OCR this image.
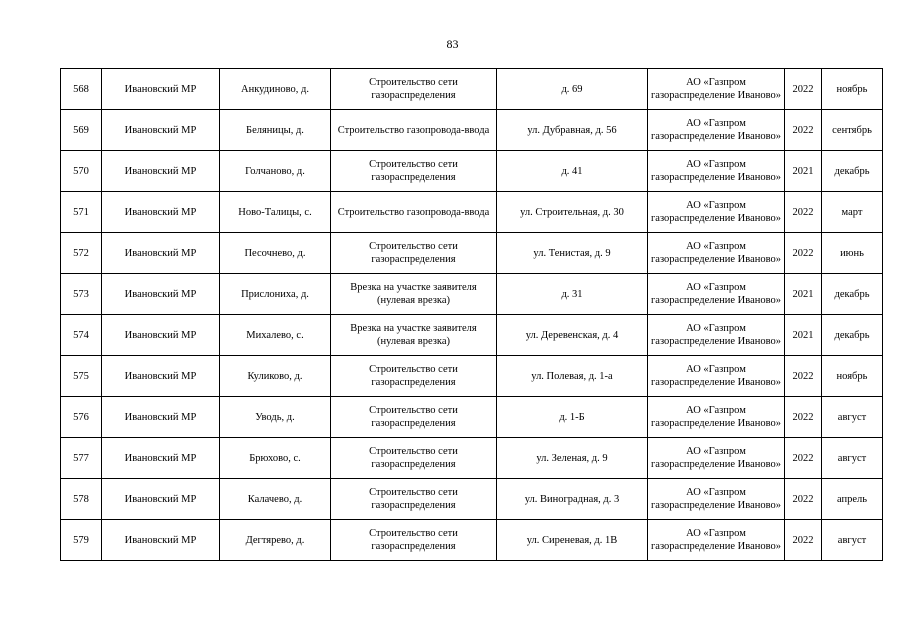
83
568	Ивановский МР	Анкудиново, д.	Строительство сети газораспределения	д. 69	АО «Газпром газораспределение Иваново»	2022	ноябрь
569	Ивановский МР	Беляницы, д.	Строительство газопровода-ввода	ул. Дубравная, д. 56	АО «Газпром газораспределение Иваново»	2022	сентябрь
570	Ивановский МР	Голчаново, д.	Строительство сети газораспределения	д. 41	АО «Газпром газораспределение Иваново»	2021	декабрь
571	Ивановский МР	Ново-Талицы, с.	Строительство газопровода-ввода	ул. Строительная, д. 30	АО «Газпром газораспределение Иваново»	2022	март
572	Ивановский МР	Песочнево, д.	Строительство сети газораспределения	ул. Тенистая, д. 9	АО «Газпром газораспределение Иваново»	2022	июнь
573	Ивановский МР	Прислониха, д.	Врезка на участке заявителя (нулевая врезка)	д. 31	АО «Газпром газораспределение Иваново»	2021	декабрь
574	Ивановский МР	Михалево, с.	Врезка на участке заявителя (нулевая врезка)	ул. Деревенская, д. 4	АО «Газпром газораспределение Иваново»	2021	декабрь
575	Ивановский МР	Куликово, д.	Строительство сети газораспределения	ул. Полевая, д. 1-а	АО «Газпром газораспределение Иваново»	2022	ноябрь
576	Ивановский МР	Уводь, д.	Строительство сети газораспределения	д. 1-Б	АО «Газпром газораспределение Иваново»	2022	август
577	Ивановский МР	Брюхово, с.	Строительство сети газораспределения	ул. Зеленая, д. 9	АО «Газпром газораспределение Иваново»	2022	август
578	Ивановский МР	Калачево, д.	Строительство сети газораспределения	ул. Виноградная, д. 3	АО «Газпром газораспределение Иваново»	2022	апрель
579	Ивановский МР	Дегтярево, д.	Строительство сети газораспределения	ул. Сиреневая, д. 1В	АО «Газпром газораспределение Иваново»	2022	август
